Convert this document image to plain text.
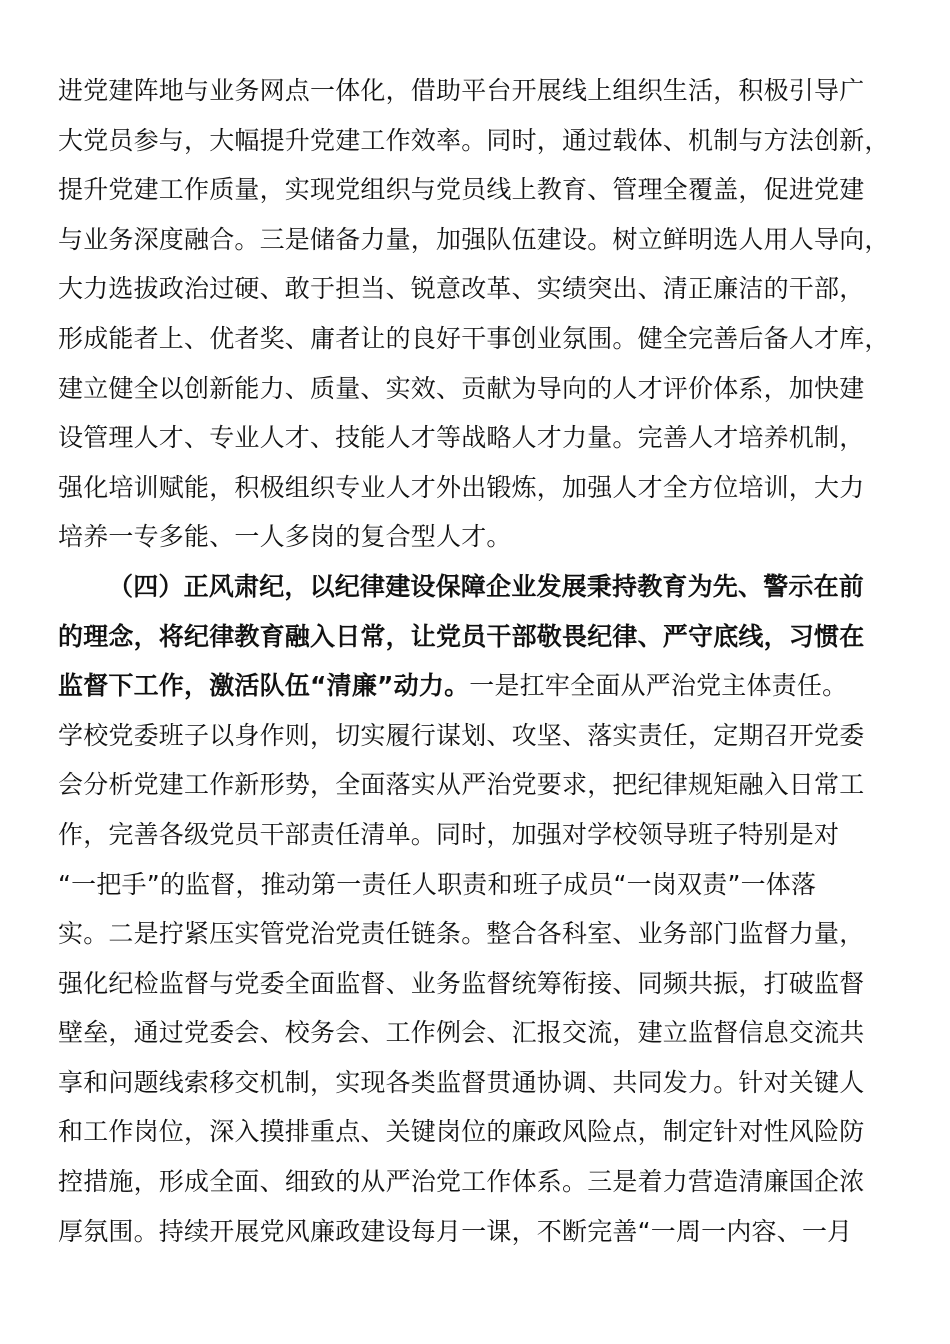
进党建阵地与业务网点一体化，借助平台开展线上组织生活，积极引导广
大党员参与，大幅提升党建工作效率。同时，通过载体、机制与方法创新，
提升党建工作质量，实现党组织与党员线上教育、管理全覆盖，促进党建
与业务深度融合。三是储备力量，加强队伍建设。树立鲜明选人用人导向，
大力选拔政治过硬、敢于担当、锐意改革、实绩突出、清正廉洁的干部，
形成能者上、优者奖、庸者让的良好干事创业氛围。健全完善后备人才库，
建立健全以创新能力、质量、实效、贡献为导向的人才评价体系，加快建
设管理人才、专业人才、技能人才等战略人才力量。完善人才培养机制，
强化培训赋能，积极组织专业人才外出锻炼，加强人才全方位培训，大力
培养一专多能、一人多岗的复合型人才。
（四）正风肃纪，以纪律建设保障企业发展秉持教育为先、警示在前
的理念，将纪律教育融入日常，让党员干部敬畏纪律、严守底线，习惯在
监督下工作，激活队伍“清廉”动力。一是扛牢全面从严治党主体责任。
学校党委班子以身作则，切实履行谋划、攻坚、落实责任，定期召开党委
会分析党建工作新形势，全面落实从严治党要求，把纪律规矩融入日常工
作，完善各级党员干部责任清单。同时，加强对学校领导班子特别是对
“一把手”的监督，推动第一责任人职责和班子成员“一岗双责”一体落
实。二是拧紧压实管党治党责任链条。整合各科室、业务部门监督力量，
强化纪检监督与党委全面监督、业务监督统筹衔接、同频共振，打破监督
壁垒，通过党委会、校务会、工作例会、汇报交流，建立监督信息交流共
享和问题线索移交机制，实现各类监督贯通协调、共同发力。针对关键人
和工作岗位，深入摸排重点、关键岗位的廉政风险点，制定针对性风险防
控措施，形成全面、细致的从严治党工作体系。三是着力营造清廉国企浓
厚氛围。持续开展党风廉政建设每月一课，不断完善“一周一内容、一月
